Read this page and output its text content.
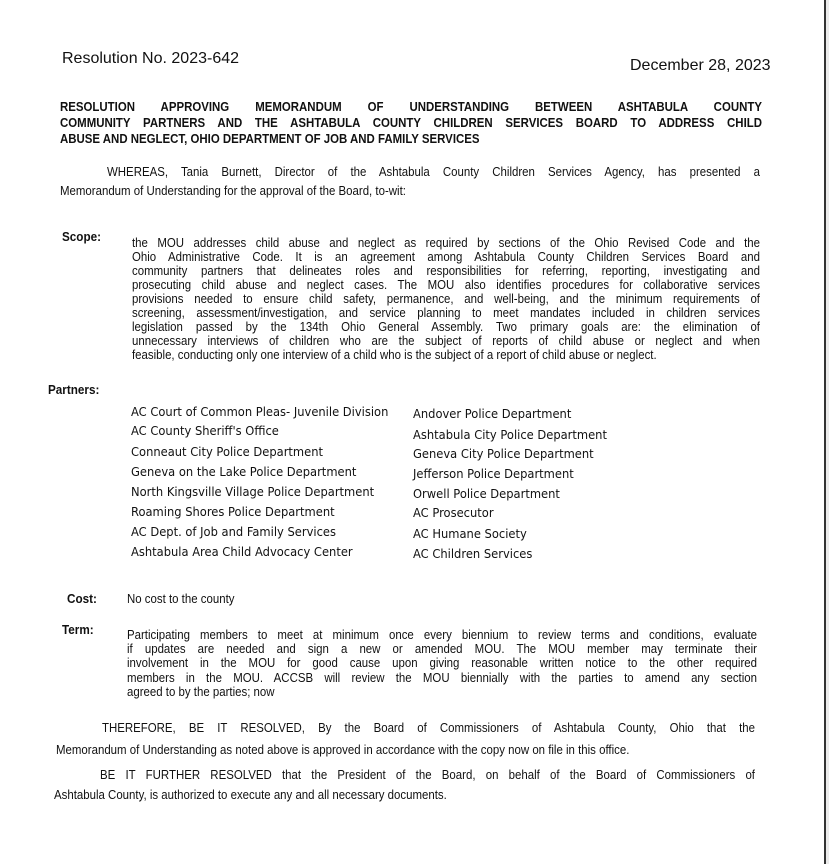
Resolution No. 2023-642	December 28, 2023
RESOLUTION APPROVING MEMORANDUM OF UNDERSTANDING BETWEEN ASHTABULA COUNTY
COMMUNITY PARTNERS AND THE ASHTABULA COUNTY CHILDREN SERVICES BOARD TO ADDRESS CHILD
ABUSE AND NEGLECT, OHIO DEPARTMENT OF JOB AND FAMILY SERVICES
WHEREAS, Tania Burnett, Director of the Ashtabula County Children Services Agency, has presented a
Memorandum of Understanding for the approval of the Board, to-wit:
Scope: the MOU addresses child abuse and neglect as required by sections of the Ohio Revised Code and the
Ohio Administrative Code. It is an agreement among Ashtabula County Children Services Board and
community partners that delineates roles and responsibilities for referring, reporting, investigating and
prosecuting child abuse and neglect cases. The MOU also identifies procedures for collaborative services
provisions needed to ensure child safety, permanence, and well-being, and the minimum requirements of
screening, assessment/investigation, and service planning to meet mandates included in children services
legislation passed by the 134th Ohio General Assembly. Two primary goals are: the elimination of
unnecessary interviews of children who are the subject of reports of child abuse or neglect and when
feasible, conducting only one interview of a child who is the subject of a report of child abuse or neglect.
Partners:
AC Court of Common Pleas- Juvenile Division
AC County Sheriff's Office
Conneaut City Police Department
Geneva on the Lake Police Department
North Kingsville Village Police Department
Roaming Shores Police Department
AC Dept. of Job and Family Services
Ashtabula Area Child Advocacy Center
Andover Police Department
Ashtabula City Police Department
Geneva City Police Department
Jefferson Police Department
Orwell Police Department
AC Prosecutor
AC Humane Society
AC Children Services
Cost: No cost to the county
Term:	Participating members to meet at minimum once every biennium to review terms and conditions, evaluate
if updates are needed and sign a new or amended MOU. The MOU member may terminate their
involvement in the MOU for good cause upon giving reasonable written notice to the other required
members in the MOU. ACCSB will review the MOU biennially with the parties to amend any section
agreed to by the parties; now
THEREFORE, BE IT RESOLVED, By the Board of Commissioners of Ashtabula County, Ohio that the
Memorandum of Understanding as noted above is approved in accordance with the copy now on file in this office.
BE IT FURTHER RESOLVED that the President of the Board, on behalf of the Board of Commissioners of
Ashtabula County, is authorized to execute any and all necessary documents.
